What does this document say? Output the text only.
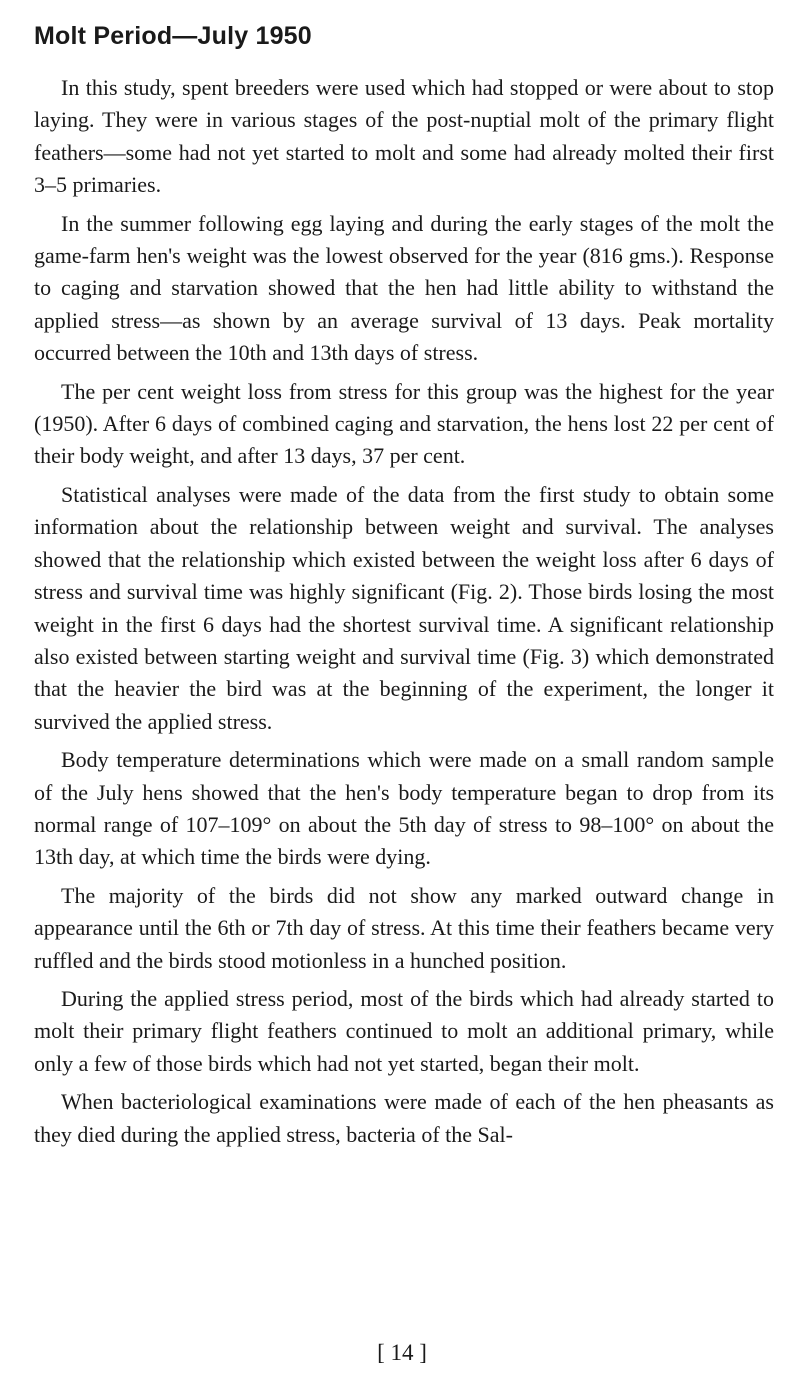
Molt Period—July 1950

In this study, spent breeders were used which had stopped or were about to stop laying. They were in various stages of the post-nuptial molt of the primary flight feathers—some had not yet started to molt and some had already molted their first 3–5 primaries.

In the summer following egg laying and during the early stages of the molt the game-farm hen's weight was the lowest observed for the year (816 gms.). Response to caging and starvation showed that the hen had little ability to withstand the applied stress—as shown by an average survival of 13 days. Peak mortality occurred between the 10th and 13th days of stress.

The per cent weight loss from stress for this group was the highest for the year (1950). After 6 days of combined caging and starvation, the hens lost 22 per cent of their body weight, and after 13 days, 37 per cent.

Statistical analyses were made of the data from the first study to obtain some information about the relationship between weight and survival. The analyses showed that the relationship which existed between the weight loss after 6 days of stress and survival time was highly significant (Fig. 2). Those birds losing the most weight in the first 6 days had the shortest survival time. A significant relationship also existed between starting weight and survival time (Fig. 3) which demonstrated that the heavier the bird was at the beginning of the experiment, the longer it survived the applied stress.

Body temperature determinations which were made on a small random sample of the July hens showed that the hen's body temperature began to drop from its normal range of 107–109° on about the 5th day of stress to 98–100° on about the 13th day, at which time the birds were dying.

The majority of the birds did not show any marked outward change in appearance until the 6th or 7th day of stress. At this time their feathers became very ruffled and the birds stood motionless in a hunched position.

During the applied stress period, most of the birds which had already started to molt their primary flight feathers continued to molt an additional primary, while only a few of those birds which had not yet started, began their molt.

When bacteriological examinations were made of each of the hen pheasants as they died during the applied stress, bacteria of the Sal-

[ 14 ]
